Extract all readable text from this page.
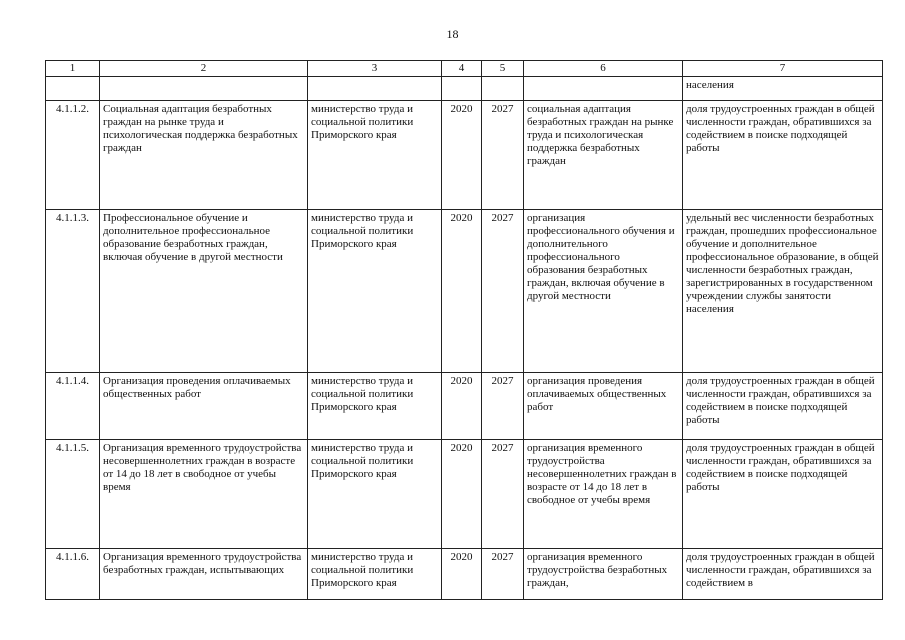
18
1	2	3	4	5	6	7
						населения
4.1.1.2.	Социальная адаптация безработных граждан на рынке труда и психологическая поддержка безработных граждан	министерство труда и социальной политики Приморского края	2020	2027	социальная адаптация безработных граждан на рынке труда и психологическая поддержка безработных граждан	доля трудоустроенных граждан в общей численности граждан, обратившихся за содействием в поиске подходящей работы
4.1.1.3.	Профессиональное обучение и дополнительное профессиональное образование безработных граждан, включая обучение в другой местности	министерство труда и социальной политики Приморского края	2020	2027	организация профессионального обучения и дополнительного профессионального образования безработных граждан, включая обучение в другой местности	удельный вес численности безработных граждан, прошедших профессиональное обучение и дополнительное профессиональное образование, в общей численности безработных граждан, зарегистрированных в государственном учреждении службы занятости населения
4.1.1.4.	Организация проведения оплачиваемых общественных работ	министерство труда и социальной политики Приморского края	2020	2027	организация проведения оплачиваемых общественных работ	доля трудоустроенных граждан в общей численности граждан, обратившихся за содействием в поиске подходящей работы
4.1.1.5.	Организация временного трудоустройства несовершеннолетних граждан в возрасте от 14 до 18 лет в свободное от учебы время	министерство труда и социальной политики Приморского края	2020	2027	организация временного трудоустройства несовершеннолетних граждан в возрасте от 14 до 18 лет в свободное от учебы время	доля трудоустроенных граждан в общей численности граждан, обратившихся за содействием в поиске подходящей работы
4.1.1.6.	Организация временного трудоустройства безработных граждан, испытывающих	министерство труда и социальной политики Приморского края	2020	2027	организация временного трудоустройства безработных граждан,	доля трудоустроенных граждан в общей численности граждан, обратившихся за содействием в
